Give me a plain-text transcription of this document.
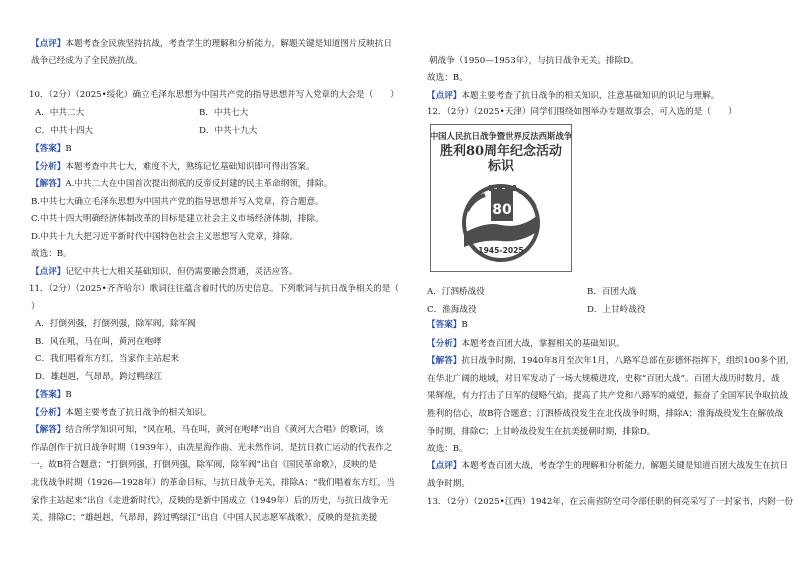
【点评】本题考查全民族坚持抗战，考查学生的理解和分析能力，解题关键是知道图片反映抗日
战争已经成为了全民族抗战。
10．（2分）（2025•绥化）确立毛泽东思想为中国共产党的指导思想并写入党章的大会是（　　）
【答案】B
【分析】本题考查中共七大，难度不大，熟练记忆基础知识即可得出答案。
【解答】A.中共二大在中国首次提出彻底的反帝反封建的民主革命纲领，排除。
B.中共七大确立毛泽东思想为中国共产党的指导思想并写入党章，符合题意。
C.中共十四大明确经济体制改革的目标是建立社会主义市场经济体制，排除。
D.中共十九大把习近平新时代中国特色社会主义思想写入党章，排除。
故选：B。
【点评】记忆中共七大相关基础知识，但仍需要融会贯通，灵活应答。
11．（2分）（2025•齐齐哈尔）歌词往往蕴含着时代的历史信息。下列歌词与抗日战争相关的是（
）
A．打倒列强，打倒列强，除军阀，除军阀
B．风在吼，马在叫，黄河在咆哮
C．我们唱着东方红，当家作主站起来
D．雄赳赳，气昂昂，跨过鸭绿江
【答案】B
【分析】本题主要考查了抗日战争的相关知识。
【解答】结合所学知识可知，“风在吼，马在叫，黄河在咆哮”出自《黄河大合唱》的歌词，该
作品创作于抗日战争时期（1939年），由冼星海作曲、光未然作词，是抗日救亡运动的代表作之
一，故B符合题意；“打倒列强，打倒列强，除军阀，除军阀”出自《国民革命歌》，反映的是
北伐战争时期（1926—1928年）的革命目标，与抗日战争无关，排除A；“我们唱着东方红，当
家作主站起来”出自《走进新时代》，反映的是新中国成立（1949年）后的历史，与抗日战争无
关，排除C；“雄赳赳，气昂昂，跨过鸭绿江”出自《中国人民志愿军战歌》，反映的是抗美援
A．中共二大	B．中共七大
C．中共十四大	D．中共十九大
朝战争（1950—1953年），与抗日战争无关。排除D。
故选：B。
【点评】本题主要考查了抗日战争的相关知识，注意基础知识的识记与理解。
12．（2分）（2025•天津）同学们围绕如图举办专题故事会，可入选的是（　　）
中国人民抗日战争暨世界反法西斯战争
胜利80周年纪念活动
标识
80
1945-2025
A．汀泗桥战役	B．百团大战
C．淮海战役	D．上甘岭战役
【答案】B
【分析】本题考查百团大战，掌握相关的基础知识。
【解答】抗日战争时期，1940年8月至次年1月，八路军总部在彭德怀指挥下，组织100多个团，
在华北广阔的地域，对日军发动了一场大规模进攻，史称“百团大战”。百团大战历时数月，战
果辉煌，有力打击了日军的侵略气焰，提高了共产党和八路军的威望，振奋了全国军民争取抗战
胜利的信心，故B符合题意；汀泗桥战役发生在北伐战争时期，排除A；淮海战役发生在解放战
争时期，排除C；上甘岭战役发生在抗美援朝时期，排除D。
故选：B。
【点评】本题考查百团大战，考查学生的理解和分析能力，解题关键是知道百团大战发生在抗日
战争时期。
13．（2分）（2025•江西）1942年，在云南省防空司令部任职的何亮采写了一封家书，内附一份
